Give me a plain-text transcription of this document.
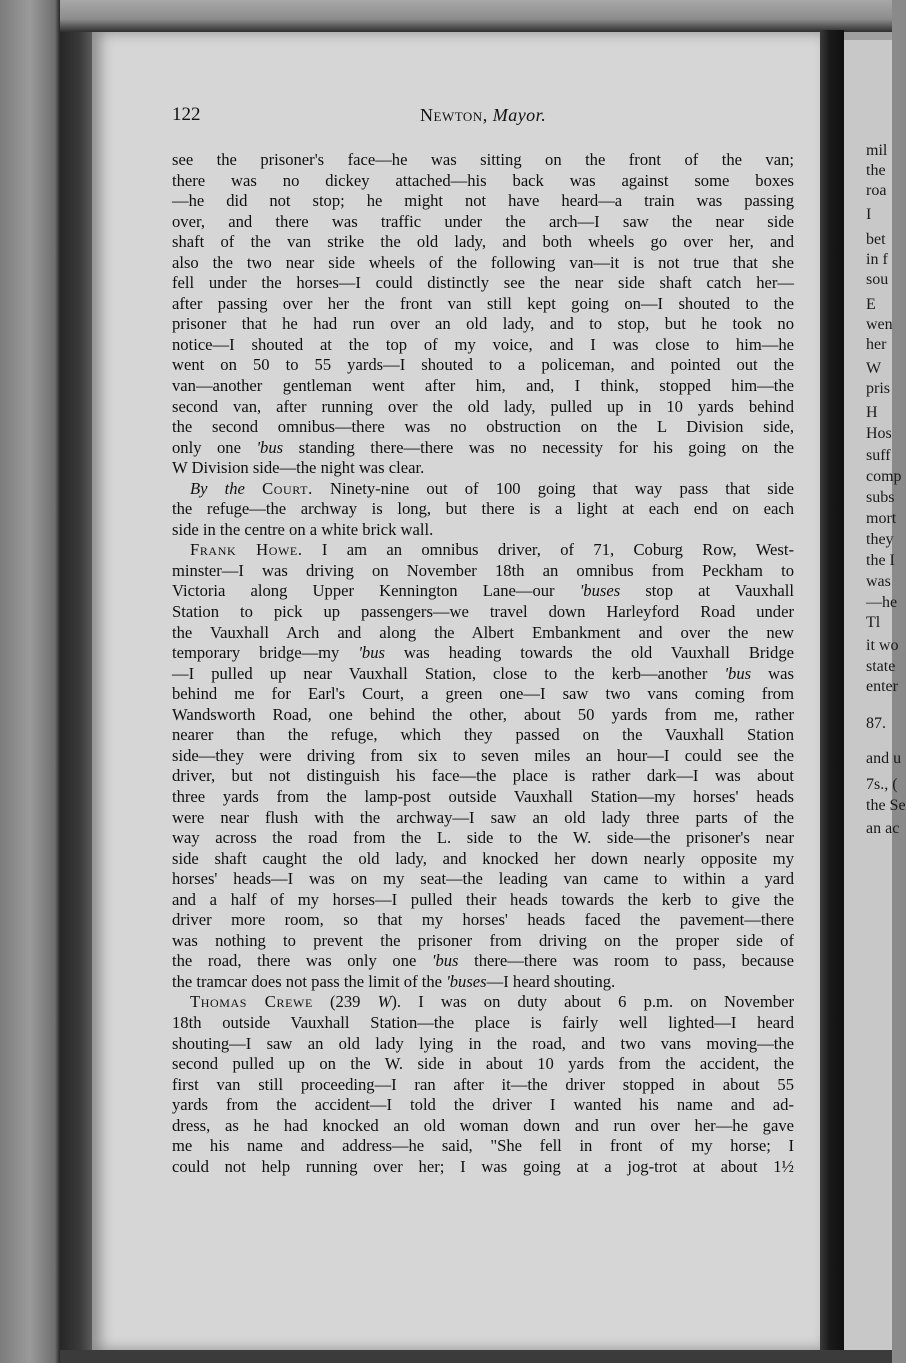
mil
the
roa
I
bet
in f
sou
E
wen
her
W
pris
H
Hos
suff
comp
subs
mort
they
the I
was
—he
Tl
it wo
state
enter
87.
and u
7s., (
the Se
an ac
122	Newton, Mayor.
see the prisoner's face—he was sitting on the front of the van;
there was no dickey attached—his back was against some boxes
—he did not stop; he might not have heard—a train was passing
over, and there was traffic under the arch—I saw the near side
shaft of the van strike the old lady, and both wheels go over her, and
also the two near side wheels of the following van—it is not true that she
fell under the horses—I could distinctly see the near side shaft catch her—
after passing over her the front van still kept going on—I shouted to the
prisoner that he had run over an old lady, and to stop, but he took no
notice—I shouted at the top of my voice, and I was close to him—he
went on 50 to 55 yards—I shouted to a policeman, and pointed out the
van—another gentleman went after him, and, I think, stopped him—the
second van, after running over the old lady, pulled up in 10 yards behind
the second omnibus—there was no obstruction on the L Division side,
only one 'bus standing there—there was no necessity for his going on the
W Division side—the night was clear.
By the Court. Ninety-nine out of 100 going that way pass that side
the refuge—the archway is long, but there is a light at each end on each
side in the centre on a white brick wall.
Frank Howe. I am an omnibus driver, of 71, Coburg Row, West-
minster—I was driving on November 18th an omnibus from Peckham to
Victoria along Upper Kennington Lane—our 'buses stop at Vauxhall
Station to pick up passengers—we travel down Harleyford Road under
the Vauxhall Arch and along the Albert Embankment and over the new
temporary bridge—my 'bus was heading towards the old Vauxhall Bridge
—I pulled up near Vauxhall Station, close to the kerb—another 'bus was
behind me for Earl's Court, a green one—I saw two vans coming from
Wandsworth Road, one behind the other, about 50 yards from me, rather
nearer than the refuge, which they passed on the Vauxhall Station
side—they were driving from six to seven miles an hour—I could see the
driver, but not distinguish his face—the place is rather dark—I was about
three yards from the lamp-post outside Vauxhall Station—my horses' heads
were near flush with the archway—I saw an old lady three parts of the
way across the road from the L. side to the W. side—the prisoner's near
side shaft caught the old lady, and knocked her down nearly opposite my
horses' heads—I was on my seat—the leading van came to within a yard
and a half of my horses—I pulled their heads towards the kerb to give the
driver more room, so that my horses' heads faced the pavement—there
was nothing to prevent the prisoner from driving on the proper side of
the road, there was only one 'bus there—there was room to pass, because
the tramcar does not pass the limit of the 'buses—I heard shouting.
Thomas Crewe (239 W). I was on duty about 6 p.m. on November
18th outside Vauxhall Station—the place is fairly well lighted—I heard
shouting—I saw an old lady lying in the road, and two vans moving—the
second pulled up on the W. side in about 10 yards from the accident, the
first van still proceeding—I ran after it—the driver stopped in about 55
yards from the accident—I told the driver I wanted his name and ad-
dress, as he had knocked an old woman down and run over her—he gave
me his name and address—he said, "She fell in front of my horse; I
could not help running over her; I was going at a jog-trot at about 1½
